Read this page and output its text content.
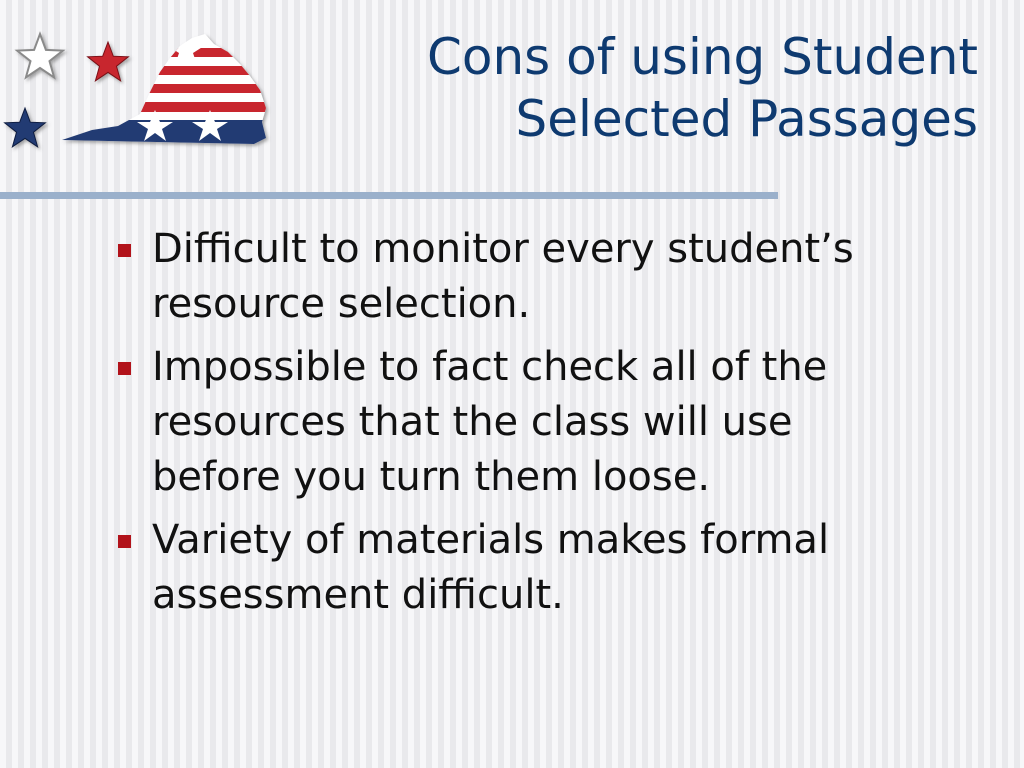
Cons of using Student
Selected Passages
Difficult to monitor every student’s
resource selection.
Impossible to fact check all of the
resources that the class will use
before you turn them loose.
Variety of materials makes formal
assessment difficult.
